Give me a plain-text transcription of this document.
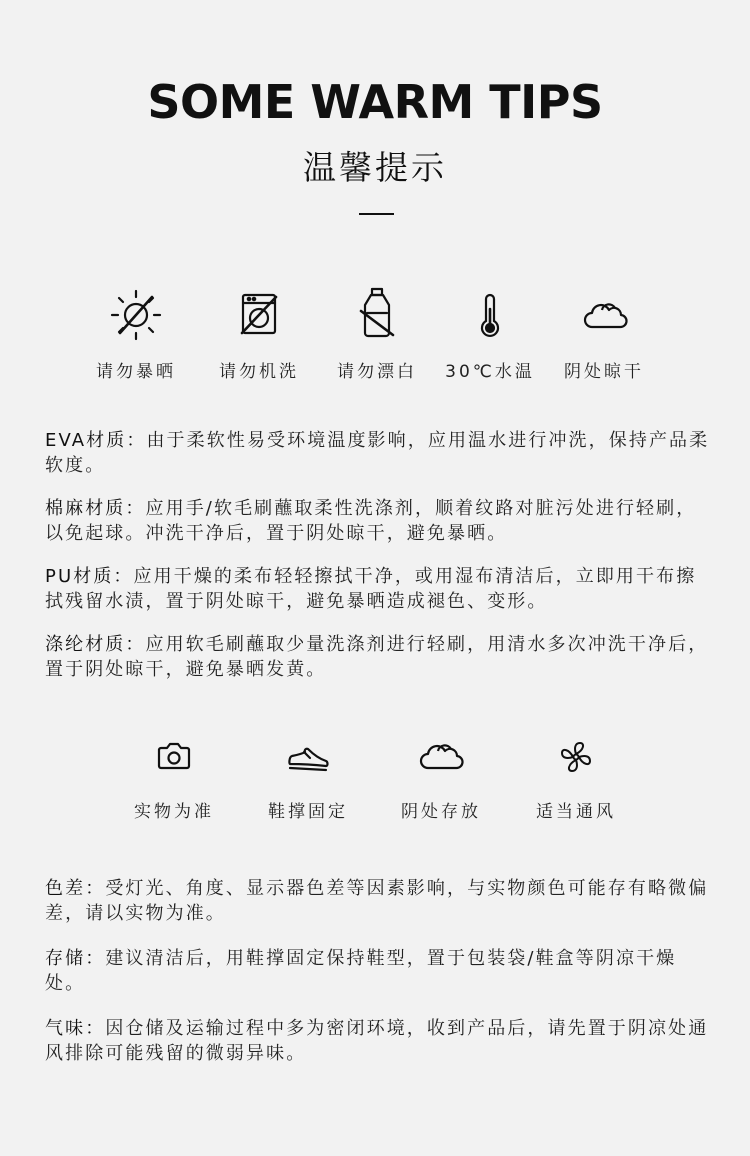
SOME WARM TIPS
温馨提示
请勿暴晒	请勿机洗 请勿漂白 30℃水温 阴处晾干

EVA材质：由于柔软性易受环境温度影响，应用温水进行冲洗，保持产品柔软度。

棉麻材质：应用手/软毛刷蘸取柔性洗涤剂，顺着纹路对脏污处进行轻刷，以免起球。冲洗干净后，置于阴处晾干，避免暴晒。

PU材质：应用干燥的柔布轻轻擦拭干净，或用湿布清洁后，立即用干布擦拭残留水渍，置于阴处晾干，避免暴晒造成褪色、变形。

涤纶材质：应用软毛刷蘸取少量洗涤剂进行轻刷，用清水多次冲洗干净后，置于阴处晾干，避免暴晒发黄。

实物为准	鞋撑固定	阴处存放	适当通风

色差：受灯光、角度、显示器色差等因素影响，与实物颜色可能存有略微偏差，请以实物为准。

存储：建议清洁后，用鞋撑固定保持鞋型，置于包装袋/鞋盒等阴凉干燥处。

气味：因仓储及运输过程中多为密闭环境，收到产品后，请先置于阴凉处通风排除可能残留的微弱异味。
